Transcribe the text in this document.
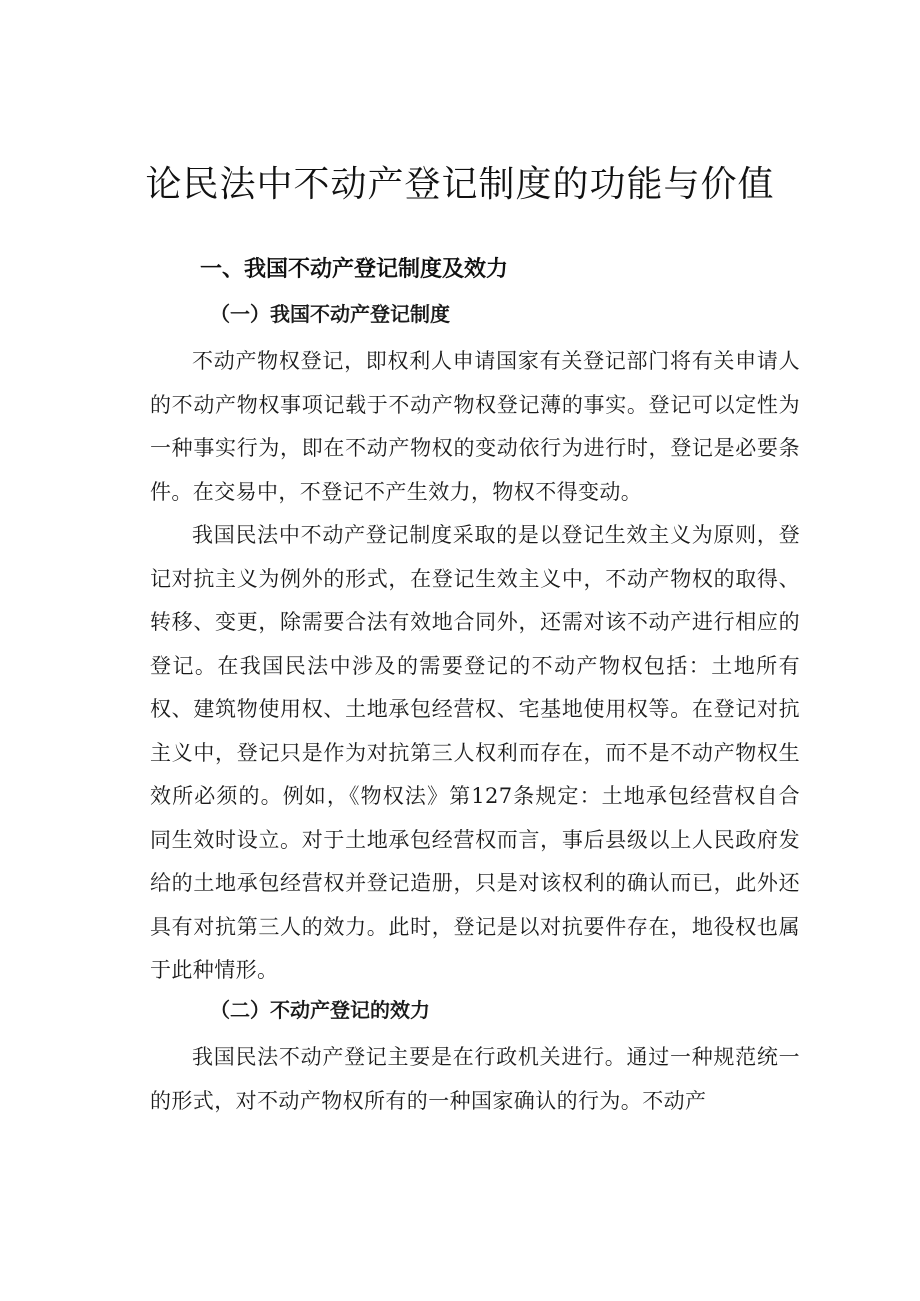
论民法中不动产登记制度的功能与价值
一、我国不动产登记制度及效力
（一）我国不动产登记制度

不动产物权登记，即权利人申请国家有关登记部门将有关申请人的不动产物权事项记载于不动产物权登记薄的事实。登记可以定性为一种事实行为，即在不动产物权的变动依行为进行时，登记是必要条件。在交易中，不登记不产生效力，物权不得变动。

我国民法中不动产登记制度采取的是以登记生效主义为原则，登记对抗主义为例外的形式，在登记生效主义中，不动产物权的取得、转移、变更，除需要合法有效地合同外，还需对该不动产进行相应的登记。在我国民法中涉及的需要登记的不动产物权包括：土地所有权、建筑物使用权、土地承包经营权、宅基地使用权等。在登记对抗主义中，登记只是作为对抗第三人权利而存在，而不是不动产物权生效所必须的。例如，《物权法》第127条规定：土地承包经营权自合同生效时设立。对于土地承包经营权而言，事后县级以上人民政府发给的土地承包经营权并登记造册，只是对该权利的确认而已，此外还具有对抗第三人的效力。此时，登记是以对抗要件存在，地役权也属于此种情形。

（二）不动产登记的效力

我国民法不动产登记主要是在行政机关进行。通过一种规范统一的形式，对不动产物权所有的一种国家确认的行为。不动产
